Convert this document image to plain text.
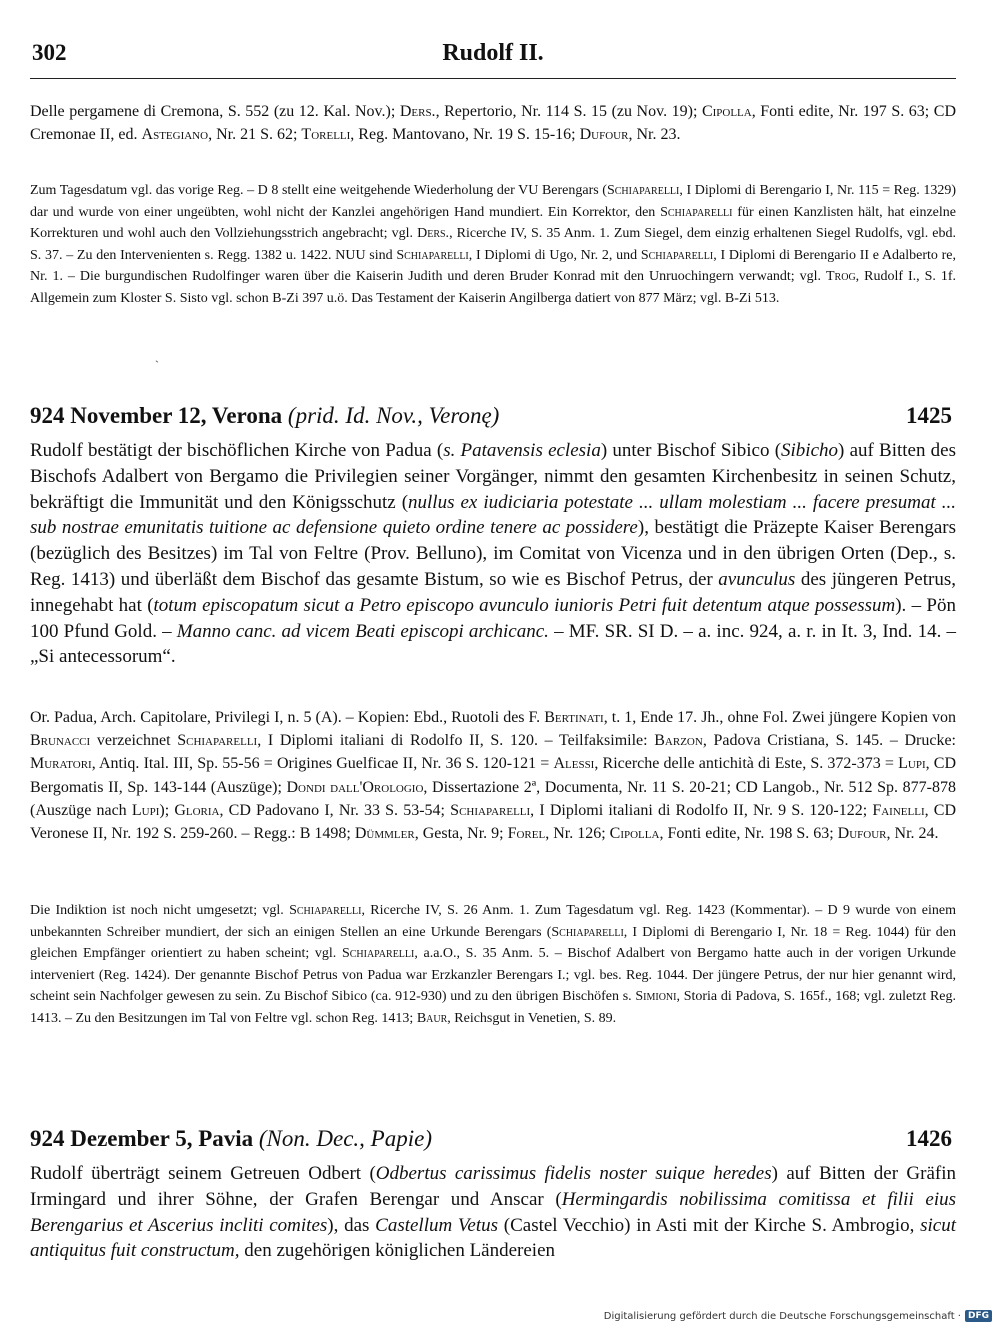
302	Rudolf II.
Delle pergamene di Cremona, S. 552 (zu 12. Kal. Nov.); Ders., Repertorio, Nr. 114 S. 15 (zu Nov. 19); Cipolla, Fonti edite, Nr. 197 S. 63; CD Cremonae II, ed. Astegiano, Nr. 21 S. 62; Torelli, Reg. Mantovano, Nr. 19 S. 15-16; Dufour, Nr. 23.
Zum Tagesdatum vgl. das vorige Reg. – D 8 stellt eine weitgehende Wiederholung der VU Berengars (Schiaparelli, I Diplomi di Berengario I, Nr. 115 = Reg. 1329) dar und wurde von einer ungeübten, wohl nicht der Kanzlei angehörigen Hand mundiert. Ein Korrektor, den Schiaparelli für einen Kanzlisten hält, hat einzelne Korrekturen und wohl auch den Vollziehungsstrich angebracht; vgl. Ders., Ricerche IV, S. 35 Anm. 1. Zum Siegel, dem einzig erhaltenen Siegel Rudolfs, vgl. ebd. S. 37. – Zu den Intervenienten s. Regg. 1382 u. 1422. NUU sind Schiaparelli, I Diplomi di Ugo, Nr. 2, und Schiaparelli, I Diplomi di Berengario II e Adalberto re, Nr. 1. – Die burgundischen Rudolfinger waren über die Kaiserin Judith und deren Bruder Konrad mit den Unruochingern verwandt; vgl. Trog, Rudolf I., S. 1f. Allgemein zum Kloster S. Sisto vgl. schon B-Zi 397 u.ö. Das Testament der Kaiserin Angilberga datiert von 877 März; vgl. B-Zi 513.
`
924 November 12, Verona (prid. Id. Nov., Veronę)	1425
Rudolf bestätigt der bischöflichen Kirche von Padua (s. Patavensis eclesia) unter Bischof Sibico (Sibicho) auf Bitten des Bischofs Adalbert von Bergamo die Privilegien seiner Vorgänger, nimmt den gesamten Kirchenbesitz in seinen Schutz, bekräftigt die Immunität und den Königsschutz (nullus ex iudiciaria potestate ... ullam molestiam ... facere presumat ... sub nostrae emunitatis tuitione ac defensione quieto ordine tenere ac possidere), bestätigt die Präzepte Kaiser Berengars (bezüglich des Besitzes) im Tal von Feltre (Prov. Belluno), im Comitat von Vicenza und in den übrigen Orten (Dep., s. Reg. 1413) und überläßt dem Bischof das gesamte Bistum, so wie es Bischof Petrus, der avunculus des jüngeren Petrus, innegehabt hat (totum episcopatum sicut a Petro episcopo avunculo iunioris Petri fuit detentum atque possessum). – Pön 100 Pfund Gold. – Manno canc. ad vicem Beati episcopi archicanc. – MF. SR. SI D. – a. inc. 924, a. r. in It. 3, Ind. 14. – „Si antecessorum“.
Or. Padua, Arch. Capitolare, Privilegi I, n. 5 (A). – Kopien: Ebd., Ruotoli des F. Bertinati, t. 1, Ende 17. Jh., ohne Fol. Zwei jüngere Kopien von Brunacci verzeichnet Schiaparelli, I Diplomi italiani di Rodolfo II, S. 120. – Teilfaksimile: Barzon, Padova Cristiana, S. 145. – Drucke: Muratori, Antiq. Ital. III, Sp. 55-56 = Origines Guelficae II, Nr. 36 S. 120-121 = Alessi, Ricerche delle antichità di Este, S. 372-373 = Lupi, CD Bergomatis II, Sp. 143-144 (Auszüge); Dondi dall'Orologio, Dissertazione 2ª, Documenta, Nr. 11 S. 20-21; CD Langob., Nr. 512 Sp. 877-878 (Auszüge nach Lupi); Gloria, CD Padovano I, Nr. 33 S. 53-54; Schiaparelli, I Diplomi italiani di Rodolfo II, Nr. 9 S. 120-122; Fainelli, CD Veronese II, Nr. 192 S. 259-260. – Regg.: B 1498; Dümmler, Gesta, Nr. 9; Forel, Nr. 126; Cipolla, Fonti edite, Nr. 198 S. 63; Dufour, Nr. 24.
Die Indiktion ist noch nicht umgesetzt; vgl. Schiaparelli, Ricerche IV, S. 26 Anm. 1. Zum Tagesdatum vgl. Reg. 1423 (Kommentar). – D 9 wurde von einem unbekannten Schreiber mundiert, der sich an einigen Stellen an eine Urkunde Berengars (Schiaparelli, I Diplomi di Berengario I, Nr. 18 = Reg. 1044) für den gleichen Empfänger orientiert zu haben scheint; vgl. Schiaparelli, a.a.O., S. 35 Anm. 5. – Bischof Adalbert von Bergamo hatte auch in der vorigen Urkunde interveniert (Reg. 1424). Der genannte Bischof Petrus von Padua war Erzkanzler Berengars I.; vgl. bes. Reg. 1044. Der jüngere Petrus, der nur hier genannt wird, scheint sein Nachfolger gewesen zu sein. Zu Bischof Sibico (ca. 912-930) und zu den übrigen Bischöfen s. Simioni, Storia di Padova, S. 165f., 168; vgl. zuletzt Reg. 1413. – Zu den Besitzungen im Tal von Feltre vgl. schon Reg. 1413; Baur, Reichsgut in Venetien, S. 89.
924 Dezember 5, Pavia (Non. Dec., Papie)	1426
Rudolf überträgt seinem Getreuen Odbert (Odbertus carissimus fidelis noster suique heredes) auf Bitten der Gräfin Irmingard und ihrer Söhne, der Grafen Berengar und Anscar (Hermingardis nobilissima comitissa et filii eius Berengarius et Ascerius incliti comites), das Castellum Vetus (Castel Vecchio) in Asti mit der Kirche S. Ambrogio, sicut antiquitus fuit constructum, den zugehörigen königlichen Ländereien
Digitalisierung gefördert durch die Deutsche Forschungsgemeinschaft · DFG
